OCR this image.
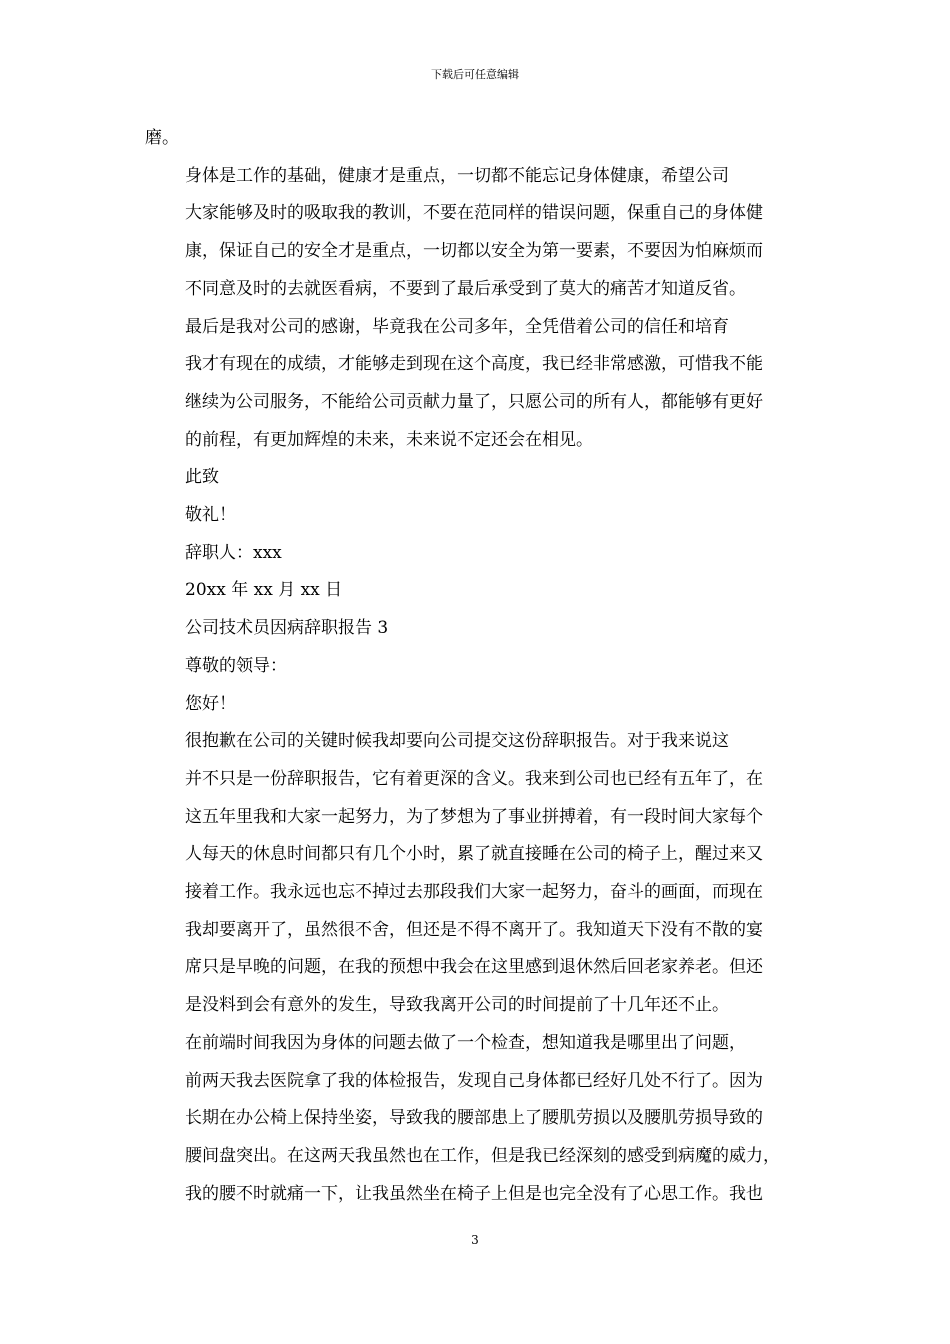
下载后可任意编辑

磨。

身体是工作的基础，健康才是重点，一切都不能忘记身体健康，希望公司
大家能够及时的吸取我的教训，不要在范同样的错误问题，保重自己的身体健
康，保证自己的安全才是重点，一切都以安全为第一要素，不要因为怕麻烦而
不同意及时的去就医看病，不要到了最后承受到了莫大的痛苦才知道反省。

最后是我对公司的感谢，毕竟我在公司多年，全凭借着公司的信任和培育
我才有现在的成绩，才能够走到现在这个高度，我已经非常感激，可惜我不能
继续为公司服务，不能给公司贡献力量了，只愿公司的所有人，都能够有更好
的前程，有更加辉煌的未来，未来说不定还会在相见。

此致

敬礼！

辞职人：xxx

20xx 年 xx 月 xx 日

公司技术员因病辞职报告 3

尊敬的领导：

您好！

很抱歉在公司的关键时候我却要向公司提交这份辞职报告。对于我来说这
并不只是一份辞职报告，它有着更深的含义。我来到公司也已经有五年了，在
这五年里我和大家一起努力，为了梦想为了事业拼搏着，有一段时间大家每个
人每天的休息时间都只有几个小时，累了就直接睡在公司的椅子上，醒过来又
接着工作。我永远也忘不掉过去那段我们大家一起努力，奋斗的画面，而现在
我却要离开了，虽然很不舍，但还是不得不离开了。我知道天下没有不散的宴
席只是早晚的问题，在我的预想中我会在这里感到退休然后回老家养老。但还
是没料到会有意外的发生，导致我离开公司的时间提前了十几年还不止。

在前端时间我因为身体的问题去做了一个检查，想知道我是哪里出了问题，
前两天我去医院拿了我的体检报告，发现自己身体都已经好几处不行了。因为
长期在办公椅上保持坐姿，导致我的腰部患上了腰肌劳损以及腰肌劳损导致的
腰间盘突出。在这两天我虽然也在工作，但是我已经深刻的感受到病魔的威力，
我的腰不时就痛一下，让我虽然坐在椅子上但是也完全没有了心思工作。我也

3
